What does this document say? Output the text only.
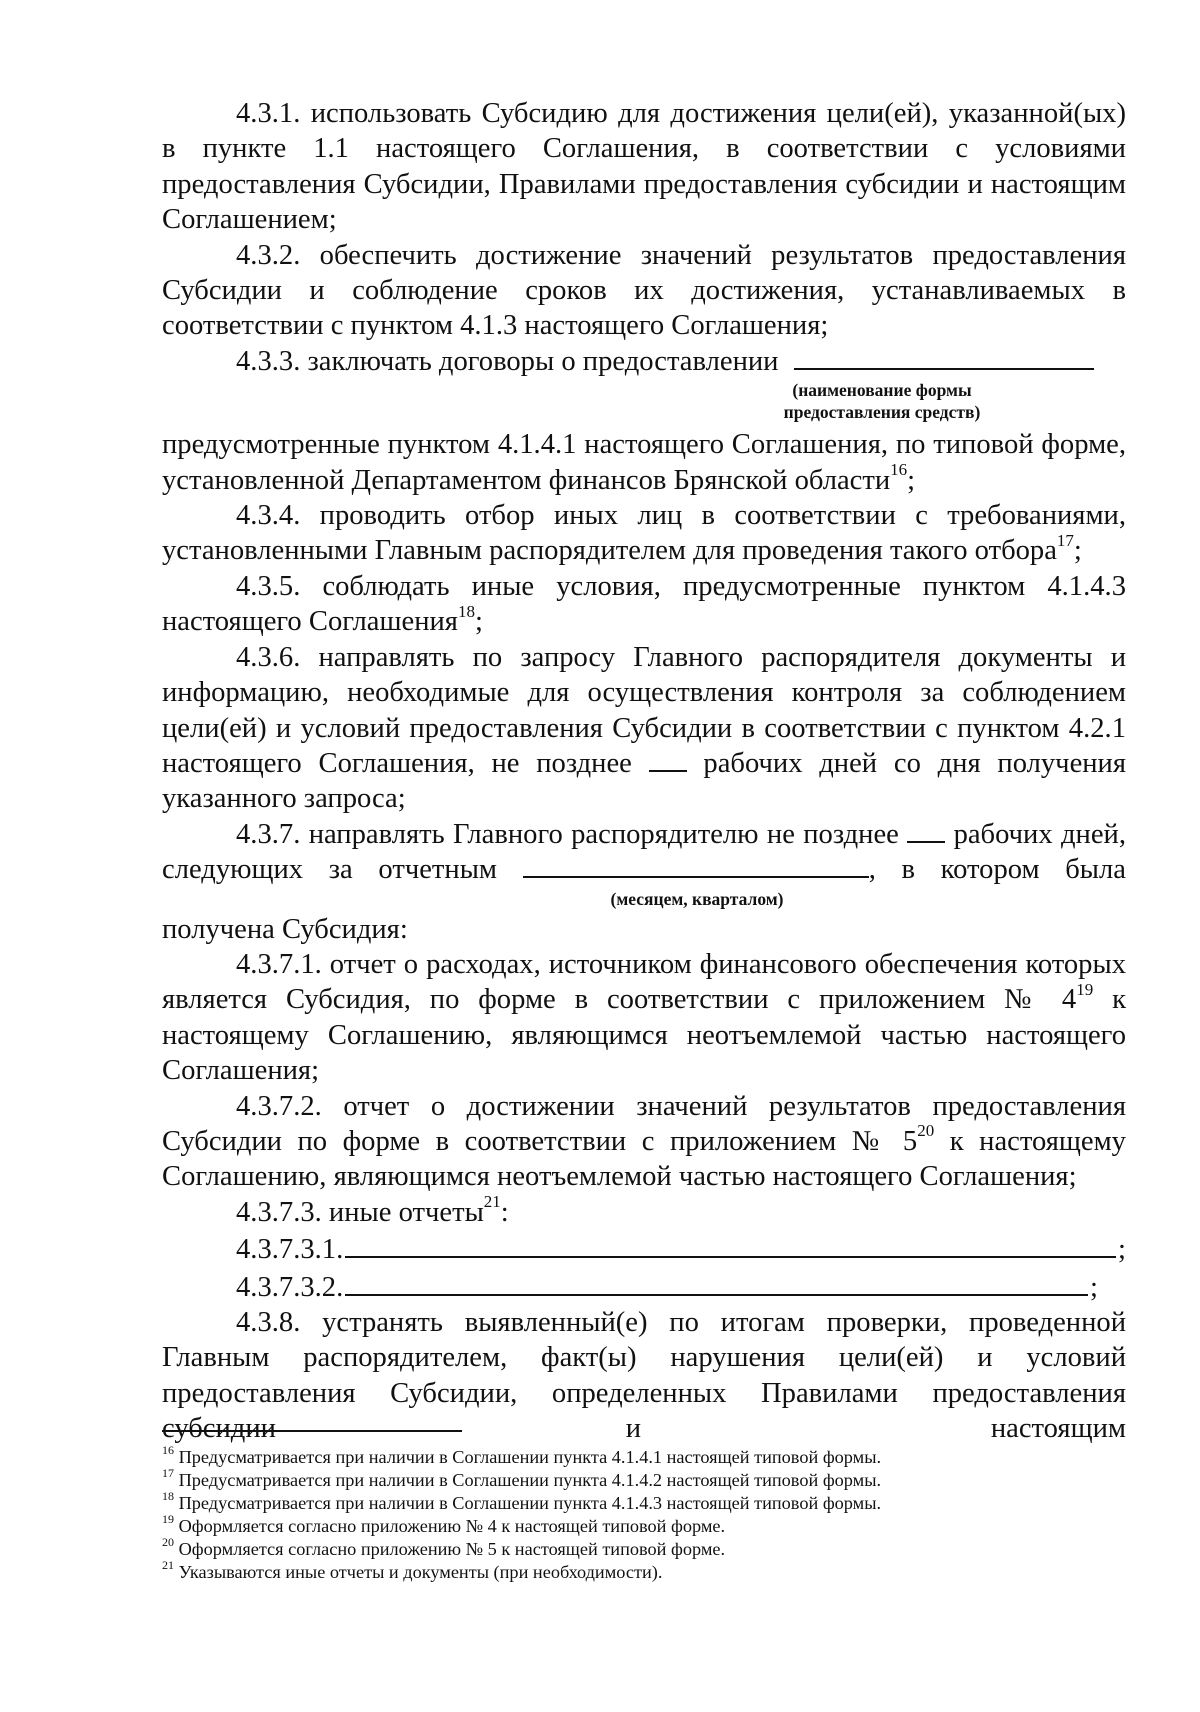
4.3.1. использовать Субсидию для достижения цели(ей), указанной(ых) в пункте 1.1 настоящего Соглашения, в соответствии с условиями предоставления Субсидии, Правилами предоставления субсидии и настоящим Соглашением;

4.3.2. обеспечить достижение значений результатов предоставления Субсидии и соблюдение сроков их достижения, устанавливаемых в соответствии с пунктом 4.1.3 настоящего Соглашения;

4.3.3. заключать договоры о предоставлении

(наименование формы

предоставления средств)

предусмотренные пунктом 4.1.4.1 настоящего Соглашения, по типовой форме, установленной Департаментом финансов Брянской области$^{16}$;

4.3.4. проводить отбор иных лиц в соответствии с требованиями, установленными Главным распорядителем для проведения такого отбора$^{17}$;

4.3.5. соблюдать иные условия, предусмотренные пунктом 4.1.4.3 настоящего Соглашения$^{18}$;

4.3.6. направлять по запросу Главного распорядителя документы и информацию, необходимые для осуществления контроля за соблюдением цели(ей) и условий предоставления Субсидии в соответствии с пунктом 4.2.1 настоящего Соглашения, не позднее	рабочих дней со дня получения указанного запроса;

4.3.7. направлять Главного распорядителю не позднее рабочих дней, следующих за отчетным	, в котором была

(месяцем, кварталом)

получена Субсидия:

4.3.7.1. отчет о расходах, источником финансового обеспечения которых является Субсидия, по форме в соответствии с приложением № $4^{19}$ к настоящему Соглашению, являющимся неотъемлемой частью настоящего Соглашения;

4.3.7.2. отчет о достижении значений результатов предоставления Субсидии по форме в соответствии с приложением № $5^{20}$ к настоящему Соглашению, являющимся неотъемлемой частью настоящего Соглашения;

4.3.7.3. иные отчеты$^{21}$:

4.3.7.3.1.	;
4.3.7.3.2.	;

4.3.8. устранять выявленный(е) по итогам проверки, проведенной Главным распорядителем, факт(ы) нарушения цели(ей) и условий предоставления Субсидии, определенных Правилами предоставления субсидии и настоящим

$^{16}$ Предусматривается при наличии в Соглашении пункта 4.1.4.1 настоящей типовой формы.

$^{17}$ Предусматривается при наличии в Соглашении пункта 4.1.4.2 настоящей типовой формы.

$^{18}$ Предусматривается при наличии в Соглашении пункта 4.1.4.3 настоящей типовой формы.

$^{19}$ Оформляется согласно приложению № 4 к настоящей типовой форме.

$^{20}$ Оформляется согласно приложению № 5 к настоящей типовой форме.

$^{21}$ Указываются иные отчеты и документы (при необходимости).
